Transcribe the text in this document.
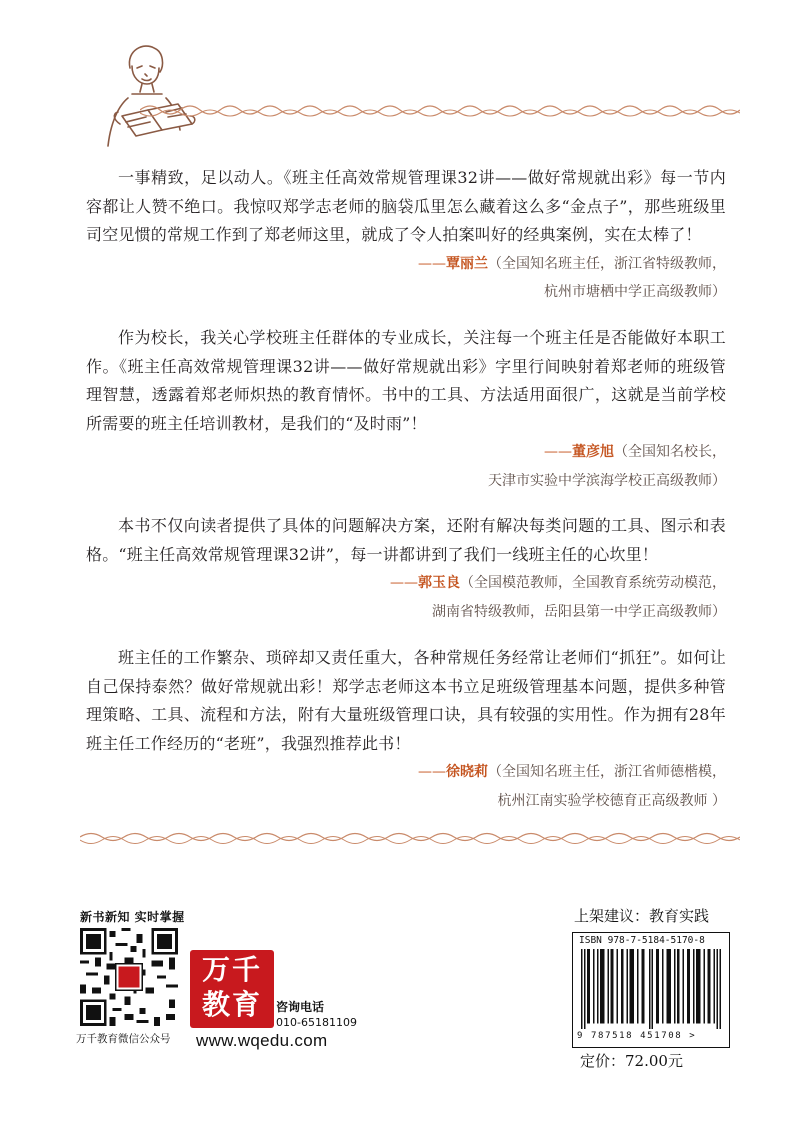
一事精致，足以动人。《班主任高效常规管理课32讲——做好常规就出彩》每一节内容都让人赞不绝口。我惊叹郑学志老师的脑袋瓜里怎么藏着这么多“金点子”，那些班级里司空见惯的常规工作到了郑老师这里，就成了令人拍案叫好的经典案例，实在太棒了！

——覃丽兰（全国知名班主任，浙江省特级教师，
杭州市塘栖中学正高级教师）

作为校长，我关心学校班主任群体的专业成长，关注每一个班主任是否能做好本职工作。《班主任高效常规管理课32讲——做好常规就出彩》字里行间映射着郑老师的班级管理智慧，透露着郑老师炽热的教育情怀。书中的工具、方法适用面很广，这就是当前学校所需要的班主任培训教材，是我们的“及时雨”！

——董彦旭（全国知名校长，
天津市实验中学滨海学校正高级教师）

本书不仅向读者提供了具体的问题解决方案，还附有解决每类问题的工具、图示和表格。“班主任高效常规管理课32讲”，每一讲都讲到了我们一线班主任的心坎里！

——郭玉良（全国模范教师，全国教育系统劳动模范，
湖南省特级教师，岳阳县第一中学正高级教师）

班主任的工作繁杂、琐碎却又责任重大，各种常规任务经常让老师们“抓狂”。如何让自己保持泰然？做好常规就出彩！郑学志老师这本书立足班级管理基本问题，提供多种管理策略、工具、流程和方法，附有大量班级管理口诀，具有较强的实用性。作为拥有28年班主任工作经历的“老班”，我强烈推荐此书！

——徐晓莉（全国知名班主任，浙江省师德楷模，
杭州江南实验学校德育正高级教师 ）
新书新知 实时掌握
万千教育微信公众号
万千
教育	咨询电话
010-65181109
www.wqedu.com
上架建议：教育实践
ISBN 978-7-5184-5170-8
9 787518 451708 >
定价：72.00元
